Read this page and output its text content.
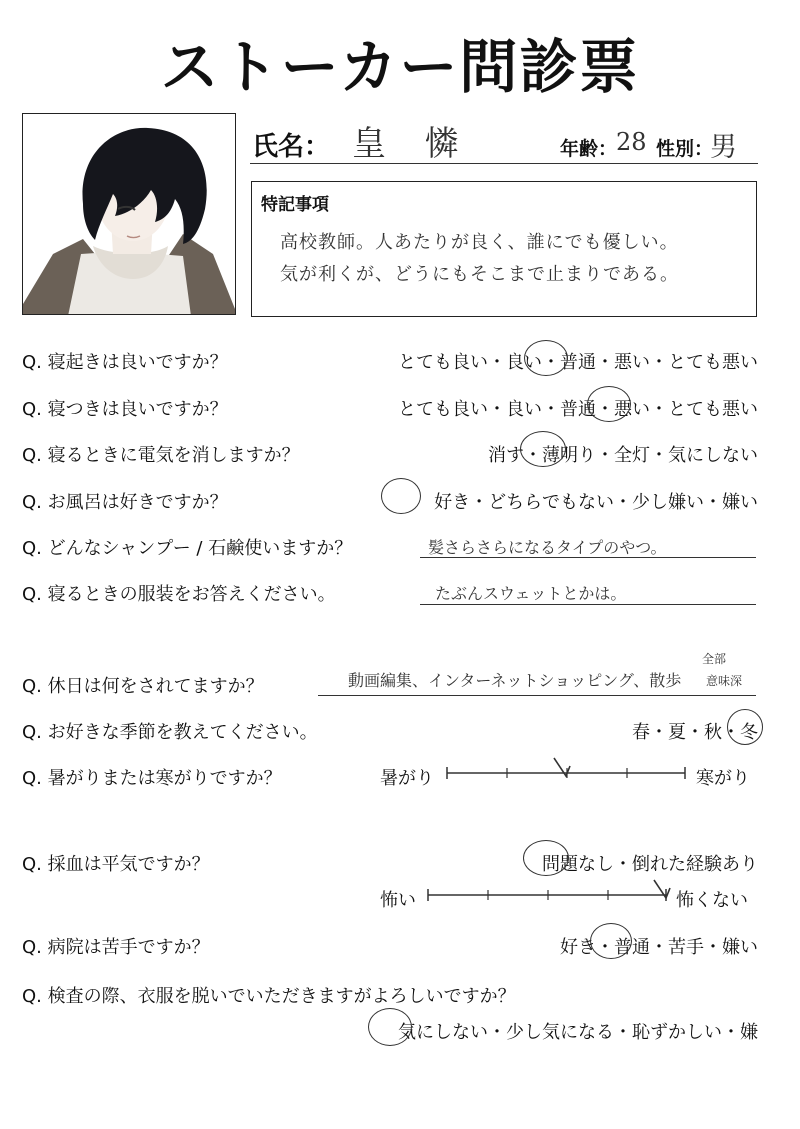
ストーカー問診票
氏名： 皇 憐	年齢：
28 性別：
男
特記事項
高校教師。人あたりが良く、誰にでも優しい。
気が利くが、どうにもそこまで止まりである。
Q. 寝起きは良いですか？	とても良い・良い・普通・悪い・とても悪い
Q. 寝つきは良いですか？	とても良い・良い・普通・悪い・とても悪い
Q. 寝るときに電気を消しますか？	消す・薄明り・全灯・気にしない
Q. お風呂は好きですか？	好き・どちらでもない・少し嫌い・嫌い
Q. どんなシャンプー / 石鹸使いますか？	髪さらさらになるタイプのやつ。
Q. 寝るときの服装をお答えください。	たぶんスウェットとかは。
Q. 休日は何をされてますか？	動画編集、インターネットショッピング、散歩
全部
意味深
Q. お好きな季節を教えてください。	春・夏・秋・冬
Q. 暑がりまたは寒がりですか？	暑がり	寒がり
Q. 採血は平気ですか？	問題なし・倒れた経験あり
怖い	怖くない
Q. 病院は苦手ですか？	好き・普通・苦手・嫌い
Q. 検査の際、衣服を脱いでいただきますがよろしいですか？
気にしない・少し気になる・恥ずかしい・嫌
